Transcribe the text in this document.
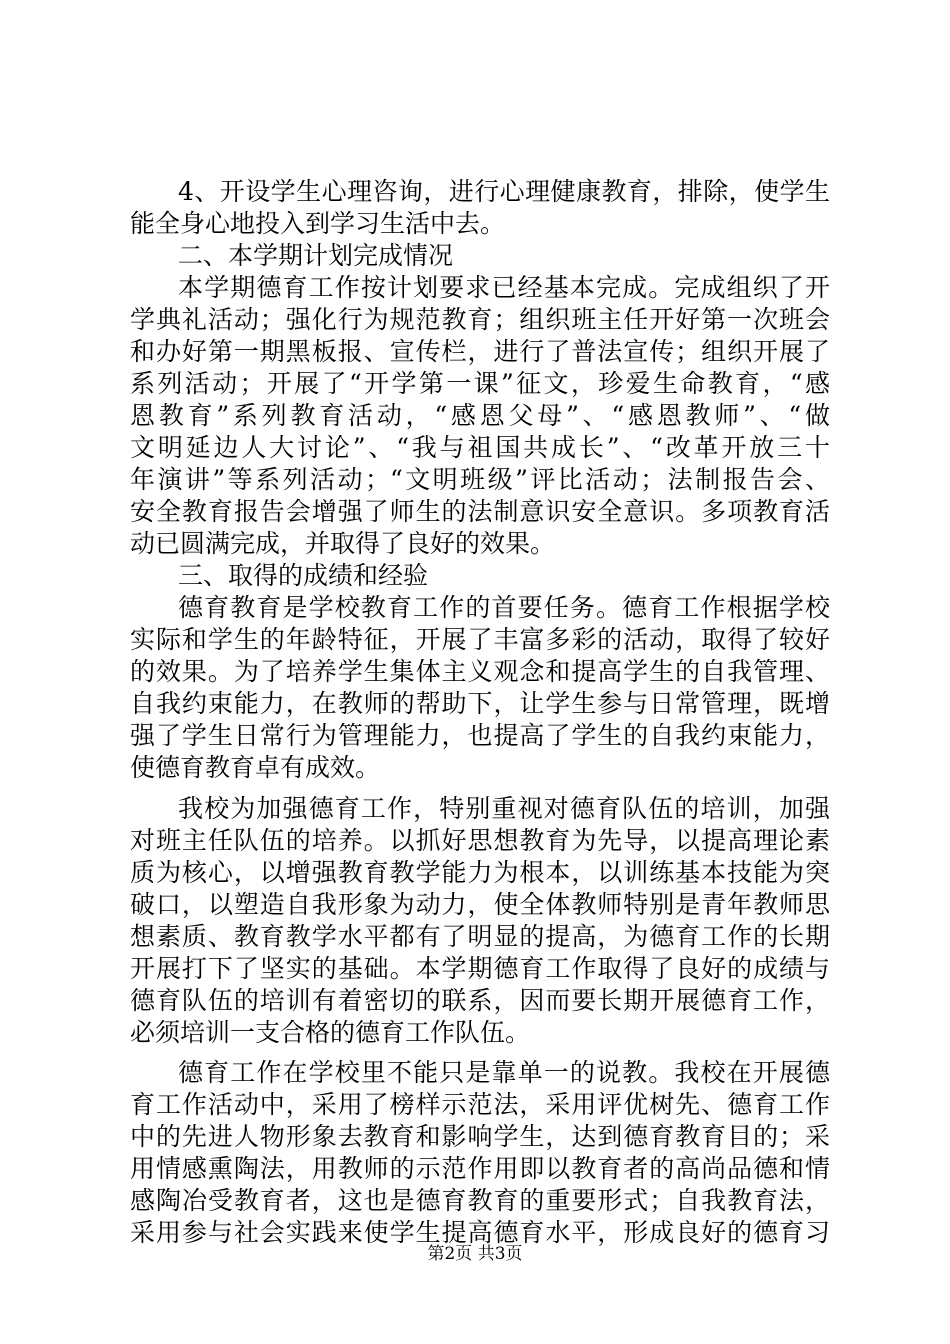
4、开设学生心理咨询，进行心理健康教育，排除，使学生
能全身心地投入到学习生活中去。
二、本学期计划完成情况
本学期德育工作按计划要求已经基本完成。完成组织了开
学典礼活动；强化行为规范教育；组织班主任开好第一次班会
和办好第一期黑板报、宣传栏，进行了普法宣传；组织开展了
系列活动；开展了“开学第一课”征文，珍爱生命教育，“感
恩教育”系列教育活动，“感恩父母”、“感恩教师”、“做
文明延边人大讨论”、“我与祖国共成长”、“改革开放三十
年演讲”等系列活动；“文明班级”评比活动；法制报告会、
安全教育报告会增强了师生的法制意识安全意识。多项教育活
动已圆满完成，并取得了良好的效果。
三、取得的成绩和经验
德育教育是学校教育工作的首要任务。德育工作根据学校
实际和学生的年龄特征，开展了丰富多彩的活动，取得了较好
的效果。为了培养学生集体主义观念和提高学生的自我管理、
自我约束能力，在教师的帮助下，让学生参与日常管理，既增
强了学生日常行为管理能力，也提高了学生的自我约束能力，
使德育教育卓有成效。
我校为加强德育工作，特别重视对德育队伍的培训，加强
对班主任队伍的培养。以抓好思想教育为先导，以提高理论素
质为核心，以增强教育教学能力为根本，以训练基本技能为突
破口，以塑造自我形象为动力，使全体教师特别是青年教师思
想素质、教育教学水平都有了明显的提高，为德育工作的长期
开展打下了坚实的基础。本学期德育工作取得了良好的成绩与
德育队伍的培训有着密切的联系，因而要长期开展德育工作，
必须培训一支合格的德育工作队伍。
德育工作在学校里不能只是靠单一的说教。我校在开展德
育工作活动中，采用了榜样示范法，采用评优树先、德育工作
中的先进人物形象去教育和影响学生，达到德育教育目的；采
用情感熏陶法，用教师的示范作用即以教育者的高尚品德和情
感陶冶受教育者，这也是德育教育的重要形式；自我教育法，
采用参与社会实践来使学生提高德育水平，形成良好的德育习
第2页 共3页
